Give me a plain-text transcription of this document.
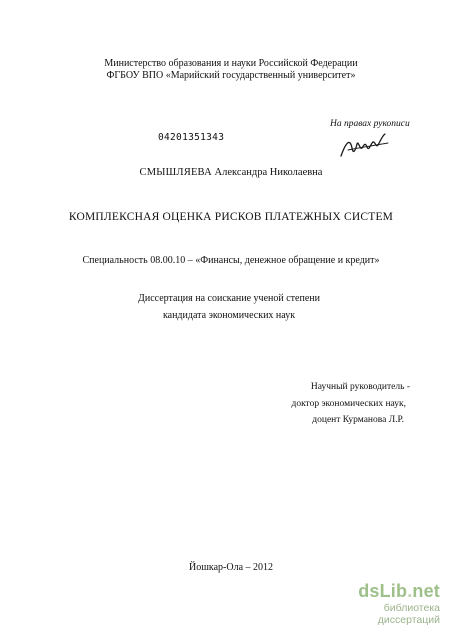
Министерство образования и науки Российской Федерации
ФГБОУ ВПО «Марийский государственный университет»
На правах рукописи
04201351343
СМЫШЛЯЕВА Александра Николаевна
КОМПЛЕКСНАЯ ОЦЕНКА РИСКОВ ПЛАТЕЖНЫХ СИСТЕМ
Специальность 08.00.10 – «Финансы, денежное обращение и кредит»
Диссертация на соискание ученой степени
кандидата экономических наук
Научный руководитель -
доктор экономических наук,
доцент Курманова Л.Р.
Йошкар-Ола – 2012
dsLib.net
библиотека диссертаций
